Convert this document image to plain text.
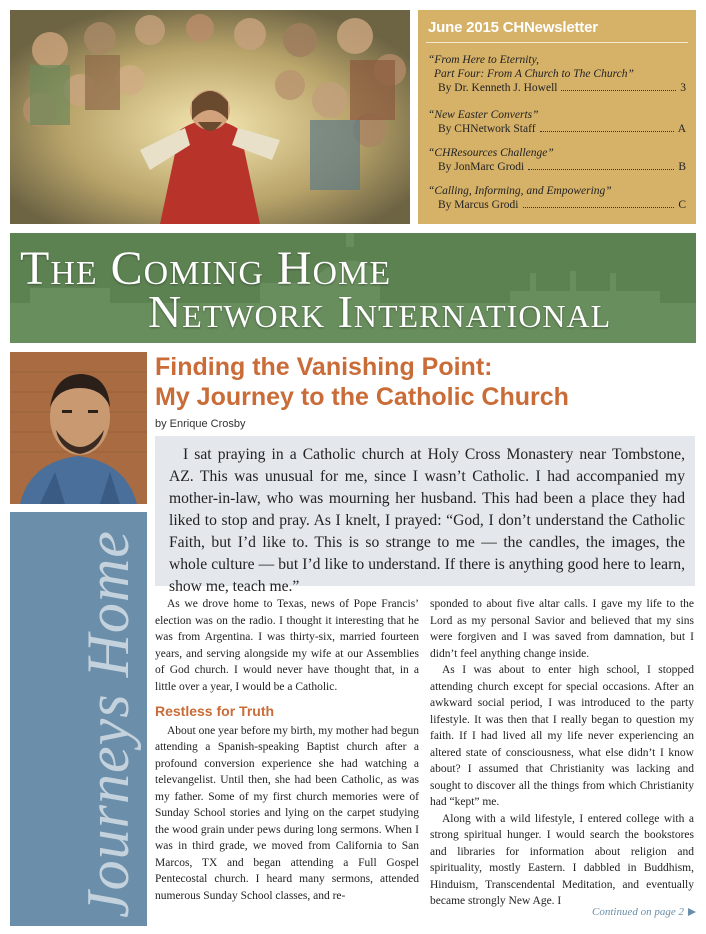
June 2015 CHNewsletter
“From Here to Eternity,
Part Four: From A Church to The Church”
By Dr. Kenneth J. Howell	3
“New Easter Converts”
By CHNetwork Staff	A
“CHResources Challenge”
By JonMarc Grodi	B
“Calling, Informing, and Empowering”
By Marcus Grodi	C
The Coming Home
Network International
Journeys Home
Finding the Vanishing Point:
My Journey to the Catholic Church
by Enrique Crosby
I sat praying in a Catholic church at Holy Cross Monastery near Tombstone, AZ. This was unusual for me, since I wasn’t Catholic. I had accompanied my mother-in-law, who was mourning her husband. This had been a place they had liked to stop and pray. As I knelt, I prayed: “God, I don’t understand the Catholic Faith, but I’d like to. This is so strange to me — the candles, the images, the whole culture — but I’d like to understand. If there is anything good here to learn, show me, teach me.”

As we drove home to Texas, news of Pope Francis’ election was on the radio. I thought it interesting that he was from Argentina. I was thirty-six, married fourteen years, and serving alongside my wife at our Assemblies of God church. I would never have thought that, in a little over a year, I would be a Catholic.

Restless for Truth

About one year before my birth, my mother had begun attending a Spanish-speaking Baptist church after a profound conversion experience she had watching a televangelist. Until then, she had been Catholic, as was my father. Some of my first church memories were of Sunday School stories and lying on the carpet studying the wood grain under pews during long sermons. When I was in third grade, we moved from California to San Marcos, TX and began attending a Full Gospel Pentecostal church. I heard many sermons, attended numerous Sunday School classes, and re-

sponded to about five altar calls. I gave my life to the Lord as my personal Savior and believed that my sins were forgiven and I was saved from damnation, but I didn’t feel anything change inside.

As I was about to enter high school, I stopped attending church except for special occasions. After an awkward social period, I was introduced to the party lifestyle. It was then that I really began to question my faith. If I had lived all my life never experiencing an altered state of consciousness, what else didn’t I know about? I assumed that Christianity was lacking and sought to discover all the things from which Christianity had “kept” me.

Along with a wild lifestyle, I entered college with a strong spiritual hunger. I would search the bookstores and libraries for information about religion and spirituality, mostly Eastern. I dabbled in Buddhism, Hinduism, Transcendental Meditation, and eventually became strongly New Age. I

Continued on page 2
